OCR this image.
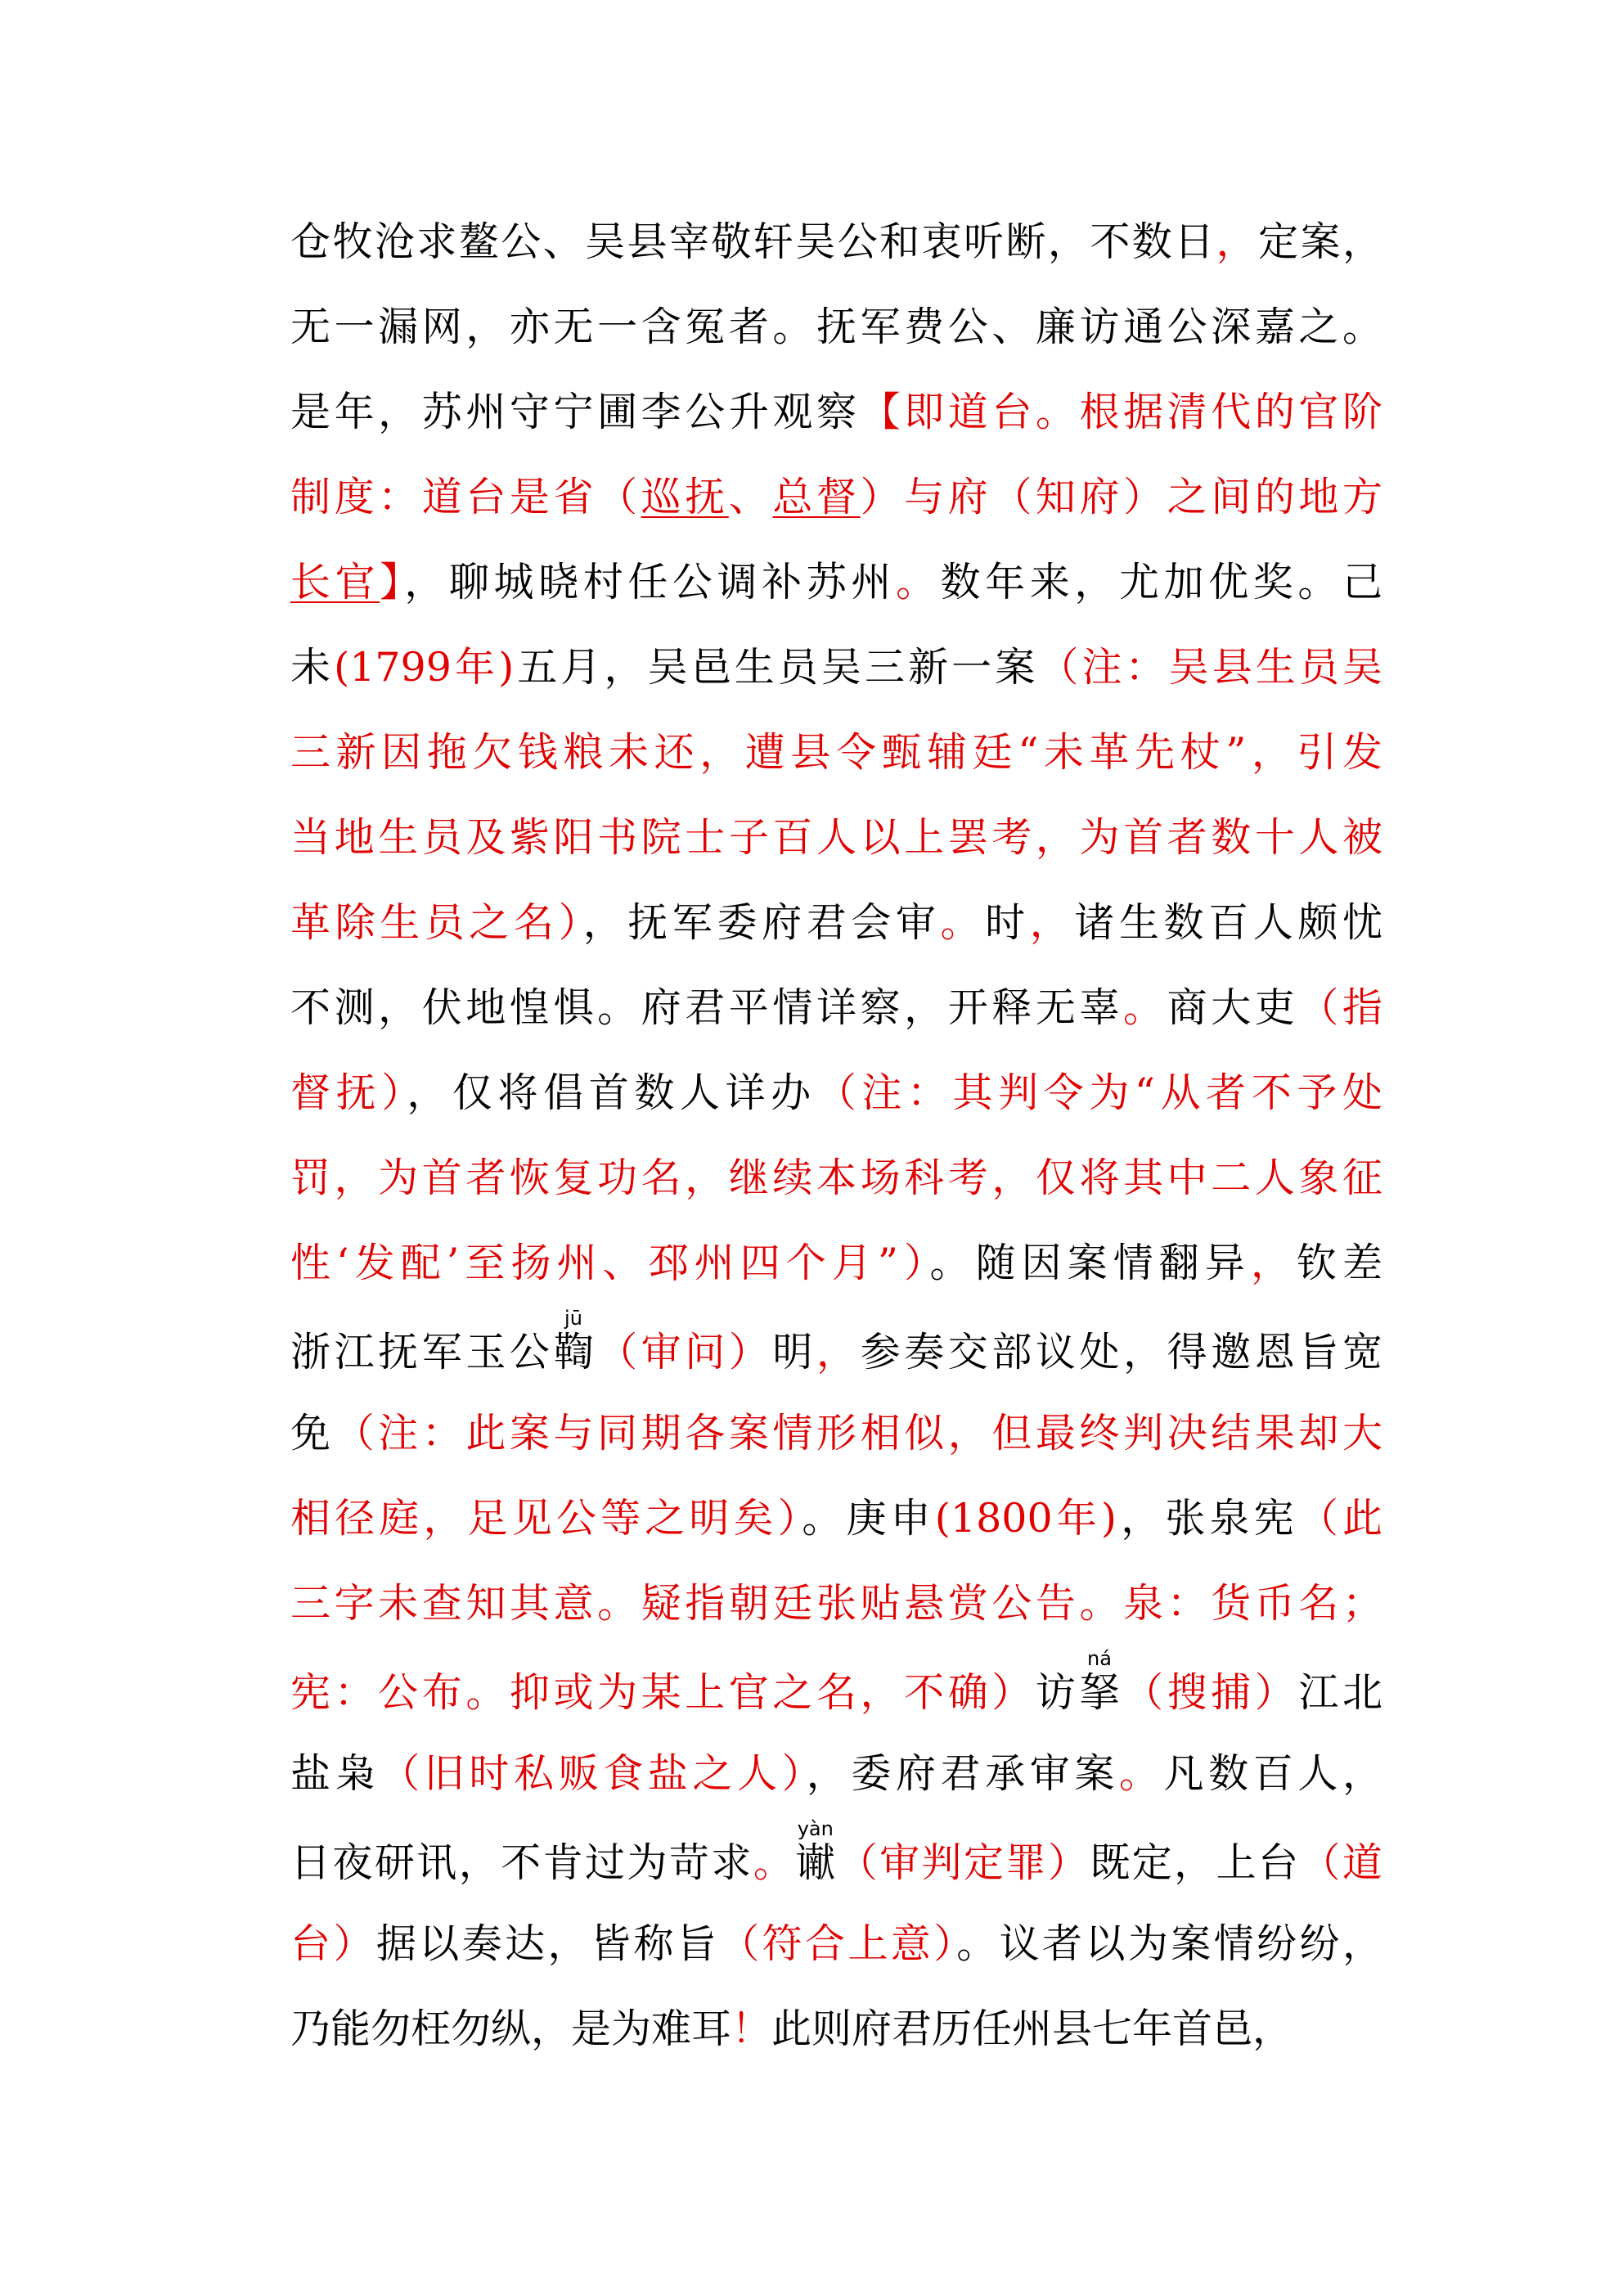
仓牧沧求鳌公、吴县宰敬轩吴公和衷听断，不数日，定案，
无一漏网，亦无一含冤者。抚军费公、廉访通公深嘉之。
是年，苏州守宁圃李公升观察【即道台。根据清代的官阶
制度：道台是省（巡抚、总督）与府（知府）之间的地方
长官】，聊城晓村任公调补苏州。数年来，尤加优奖。己
未(1799年)五月，吴邑生员吴三新一案（注：吴县生员吴
三新因拖欠钱粮未还，遭县令甄辅廷“未革先杖”，引发
当地生员及紫阳书院士子百人以上罢考，为首者数十人被
革除生员之名），抚军委府君会审。时，诸生数百人颇忧
不测，伏地惶惧。府君平情详察，开释无辜。商大吏（指
督抚），仅将倡首数人详办（注：其判令为“从者不予处
罚，为首者恢复功名，继续本场科考，仅将其中二人象征
性‘发配’至扬州、邳州四个月”）。随因案情翻异，钦差
浙江抚军玉公鞫jū（审问）明，参奏交部议处，得邀恩旨宽
免（注：此案与同期各案情形相似，但最终判决结果却大
相径庭，足见公等之明矣）。庚申(1800年)，张泉宪（此
三字未查知其意。疑指朝廷张贴悬赏公告。泉：货币名；
宪：公布。抑或为某上官之名，不确）访拏ná（搜捕）江北
盐枭（旧时私贩食盐之人），委府君承审案。凡数百人，
日夜研讯，不肯过为苛求。谳yàn（审判定罪）既定，上台（道
台）据以奏达，皆称旨（符合上意）。议者以为案情纷纷，
乃能勿枉勿纵，是为难耳！此则府君历任州县七年首邑，
